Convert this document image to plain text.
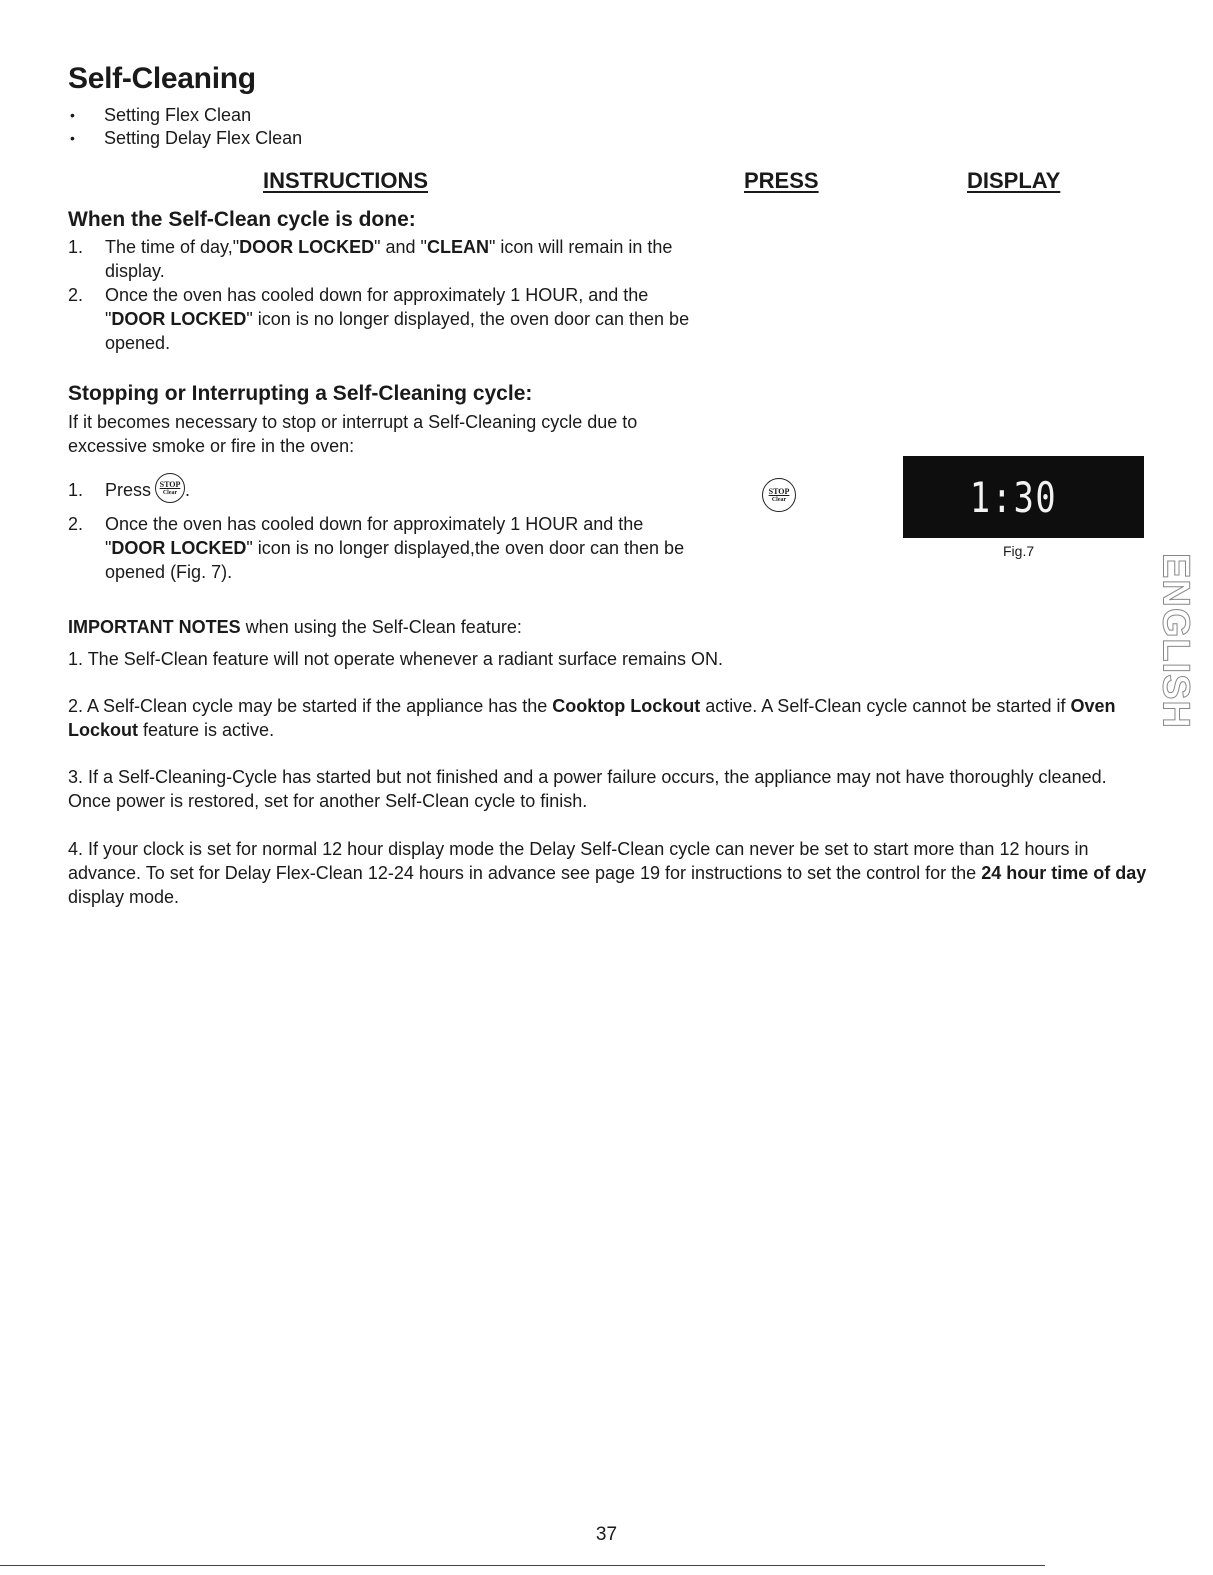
Self-Cleaning
• Setting Flex Clean
• Setting Delay Flex Clean
INSTRUCTIONS	PRESS	DISPLAY
When the Self-Clean cycle is done:
1. The time of day,"DOOR LOCKED" and "CLEAN" icon will remain in the display.
2. Once the oven has cooled down for approximately 1 HOUR, and the "DOOR LOCKED" icon is no longer displayed, the oven door can then be opened.
Stopping or Interrupting a Self-Cleaning cycle:

If it becomes necessary to stop or interrupt a Self-Cleaning cycle due to excessive smoke or fire in the oven:

1. Press STOP
Clear .
2. Once the oven has cooled down for approximately 1 HOUR and the "DOOR LOCKED" icon is no longer displayed,the oven door can then be opened (Fig. 7).
STOP
Clear	1:30
Fig.7
ENGLISH
IMPORTANT NOTES when using the Self-Clean feature:

1. The Self-Clean feature will not operate whenever a radiant surface remains ON.

2. A Self-Clean cycle may be started if the appliance has the Cooktop Lockout active. A Self-Clean cycle cannot be started if Oven Lockout feature is active.

3. If a Self-Cleaning-Cycle has started but not finished and a power failure occurs, the appliance may not have thoroughly cleaned. Once power is restored, set for another Self-Clean cycle to finish.

4. If your clock is set for normal 12 hour display mode the Delay Self-Clean cycle can never be set to start more than 12 hours in advance. To set for Delay Flex-Clean 12-24 hours in advance see page 19 for instructions to set the control for the 24 hour time of day display mode.

37
